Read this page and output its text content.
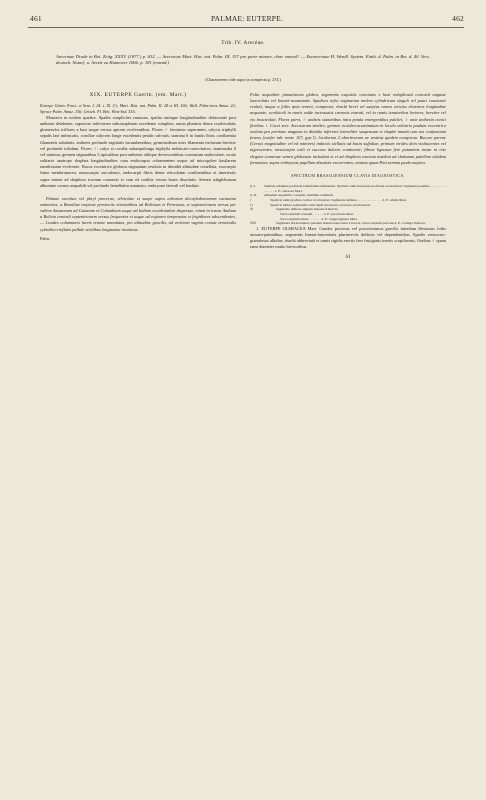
461	PALMAE: EUTERPE.	462
Trib. IV. Arecéae.
Areceinae Drude in Bot. Zeitg. XXXV. (1877.) p. 632. — Areceinae Mart. Hist. nat. Palm. III. 157 pro parte minore, char. emend.! — Euareceinae H. Wendl. System. Einth. d. Palm. in Ber. d. 40. Vers. deutsch. Naturf. u. Aerzte zu Hannover 1866. p. 181 (emend.).
(Characterem vide supra in conspectu p. 274.)
XIX. EUTERPE Gaertn. (em. Mart.)

Euterpe Gärtn. Fruct. et Sem. I. 24. t. IX. (!); Mart. Hist. nat. Palm. II. 28 et III. 166; Wall. Palm-trees Amaz. 22; Spruce Palm. Amaz. 156; Griseb. Fl. Brit. West-Ind. 516.

Monoeca in eodem spadice. Spadix simpliciter ramosus, spatha utrinque longitudinaliter dehiscente post anthesin delabente, superiore inferiorem subcompletam excedente completa, ramis plurimis dense scrobiculatis glomerulos triflores a basi usque versus apicem evolventibus. Flores ♂ femineos superantes, calycis triphylli sepalis late imbricatis, corollae calycem longe excedentis petalis valvatis; stamina 6 in fundo floris confluentia filamentis subulatis, antheris profunde sagittatis incumbentibus; germinodium inter filamenta inclusum breviter vel profunde trifidum. Flores ♀: calyx et corolla subaequilonga triphylla imbricato-convolutiva; staminodia 0 vel minima; germen stigmatibus 3 apiculibus post anthesin oblique decrescentibus coronatum uniloculare, ovulo solitario anatropo rhaphea longitudinaliter cum endocarpio cohaerentem usque ad micropylen basilarem ramificatam evolvente. Bacca excentrice globosa stigmatum residuis in dimidiâ altitudine rostellata, exocarpio firme membranaceo, mesocarpio succulento, endocarpii fibris dense reticulatim confluentibus et intertextis supra semen ad rhapheos tractum connexis et cum eâ coalitis versus basin dissolutis. Semen subglobosum albumine corneo aequabili vel profunde lamellatim ruminato, embryone laterali vel basilari.

Palmae excelsae vel pbryl procerae, silvicolae et saepe supra arborum dicotyledonearum cacumina eminentes, a Brasiliae tropicae provinciis orientalibus ad Boliviam et Peruviam, et septentrionem versus per vallem Amazonum ad Guianam et Columbiam usque ad Indiam occidentalem dispersae, etiam in tractu Andium a Bolivia centrali septentrionem versus frequentes et usque ad regiones temperatas et frigidiores adscendentes. — Caudex columnaris laevis remote annulatus, pro altitudine gracilis, ad verticem vaginis comae terminalis cylindrico-inflatis pallide viridibus longissime involutus.

Palm.

Folia aequaliter pinnatisecta glabra, segmentis exquisite conciunis e basi reduplicatâ concavâ anguste lanceolatis vel lineari-acuminatis. Spadices infra vaginarum molem cylindricum singuli vel pauci coaetanei evoluti, itaque a foliis ipsis remoti, compressi, rhachi brevi vel saepius ramos strictos eburneos longitudine aequante; scrobiculi in ramis valde incrassatis carnosis exarati, vel in ramis tenuioribus leviores, breviter vel vix bracteolati. Flores parvi, ♂ antheis staminibus intra petala emergentibus pulchri, ♀ ante anthesin conici floribus ♀ Cocei sect. Arecastrum similes; germen ocoideo-acuminatum in loculo solitario paulum excentrico ovulum pro portione magnum in dimidio inferiore lateraliter suspensum et rhaphe innatâ cum axi conjunctum foveas (confer tab. nostr. 107, gyn.!); loculorum 2 abortivorum ne vestitus quidem conspicua. Baccae parvae (Cerasi magnitudine vel eâ minores) induviis stellatis ad basin suffultae, primum virides dein violascentes vel nigrescentes, mesocarpio exili et succoso dulcem continente; fibrae lignosae fere putaminis instar in rete elegans connexae semen globosum includunt et ei ad rhapheos tractum insident ad chalazam patellam solidam formantes, supra embryonis papillam dissolute excurrentes; semina quam Pini semina paulo majora.

SPECTRUM BRASILIENSIUM CLAVIS DIAGNOSTICA.
§. I.	Seminis albumen profunde lamellatim ruminatum. Spadicis rami incrassati profunde scrobiculati. Segmenta pendula . . . . . . . . . . . . . . . 1. E. oleracea Mart.
§. II.	Albumen aequabile corneum, subtiliter radiatum.
†	Spadicis rami graciles, leviter scrobiculati. Segmenta deflexa . . . . . . . . . . . . . . 2. E. edulis Mart.
††	Spadicis albido-tomentelli rami rigidi incrassati, excavato-scrobiculati.
⊙	Segmenta deflexa anguste linearia trinervia.
Sarcocarpium crassum . . . . . . 3. E. precatoria Mart.
Sarcocarpium tenue . . . . . . . 4. E. longevaginata Mart.
⊙⊙	Segmenta horizontaliter patentia lineari-lanceolata 5-nervia. Sarcocarpium parvum 4. E. Catinga Wallace.

1. EUTERPE OLERACEA Mart. Caudex procerus vel procerissimus gracilis interdum flexuosus foliis arcuato-patentibus, segmentis lineari-lanceolatis plurinerviis deflexis vel dependentibus. Spadix verrucoso-granulosus albidus, rhachi abbreviatâ et ramis rigidis erectis fere fastigiatis inertis scopiformis, floribus ♀ quam rami diameter multo brevioribus

61
